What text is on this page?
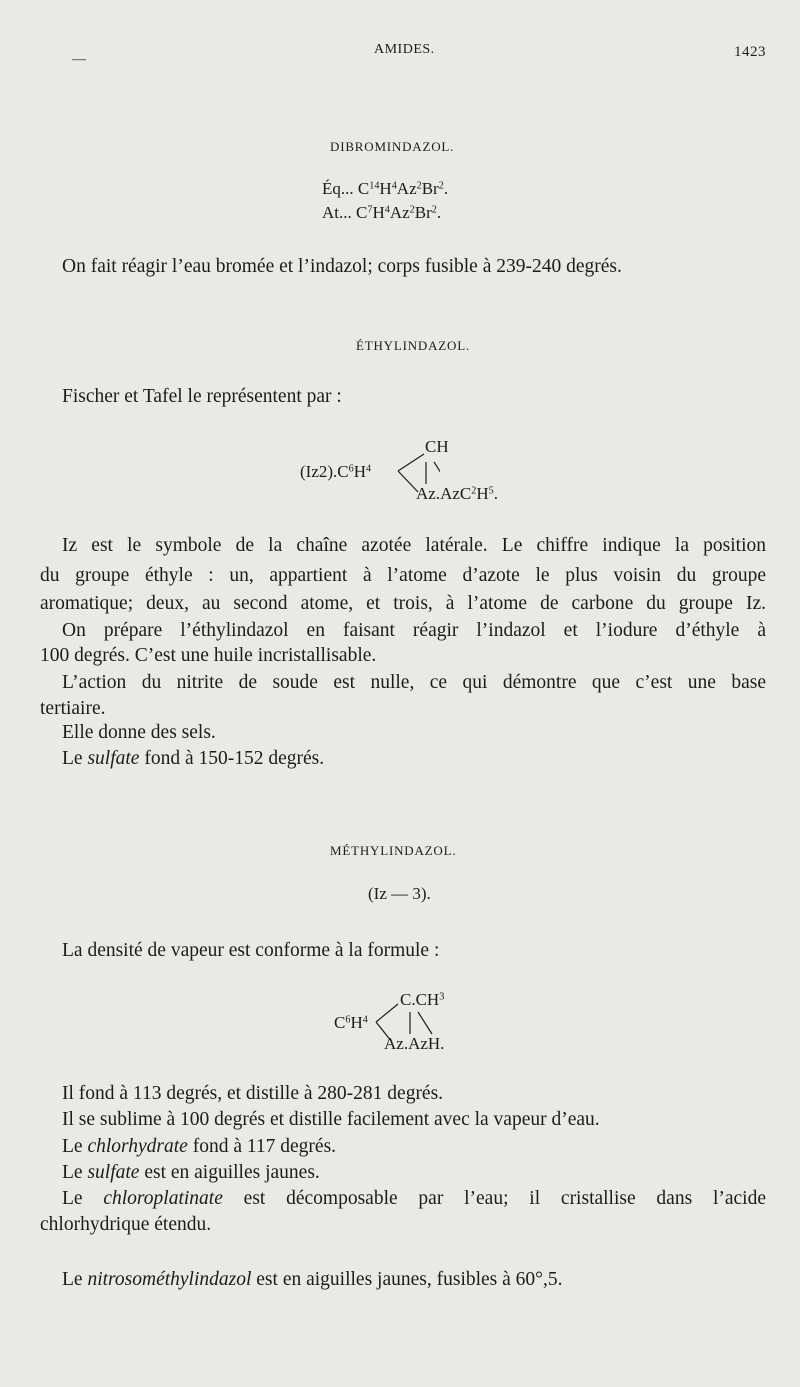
—
AMIDES.	1423
DIBROMINDAZOL.
Éq... $C^{14}H^4Az^2Br^2$.
At... $C^7H^4Az^2Br^2$.
On fait réagir l’eau bromée et l’indazol; corps fusible à 239-240 degrés.
ÉTHYLINDAZOL.
Fischer et Tafel le représentent par :
CH
$(Iz2).C^6H^4$
$Az.AzC^2H^5$.
Iz est le symbole de la chaîne azotée latérale. Le chiffre indique la position
du groupe éthyle : un, appartient à l’atome d’azote le plus voisin du groupe
aromatique; deux, au second atome, et trois, à l’atome de carbone du groupe Iz.
On prépare l’éthylindazol en faisant réagir l’indazol et l’iodure d’éthyle à
100 degrés. C’est une huile incristallisable.
L’action du nitrite de soude est nulle, ce qui démontre que c’est une base
tertiaire.
Elle donne des sels.
Le sulfate fond à 150-152 degrés.
MÉTHYLINDAZOL.
(Iz — 3).
La densité de vapeur est conforme à la formule :
$C.CH^3$
$C^6H^4$
Az.AzH.
Il fond à 113 degrés, et distille à 280-281 degrés.
Il se sublime à 100 degrés et distille facilement avec la vapeur d’eau.
Le chlorhydrate fond à 117 degrés.
Le sulfate est en aiguilles jaunes.
Le chloroplatinate est décomposable par l’eau; il cristallise dans l’acide
chlorhydrique étendu.
Le nitrosométhylindazol est en aiguilles jaunes, fusibles à 60°,5.
